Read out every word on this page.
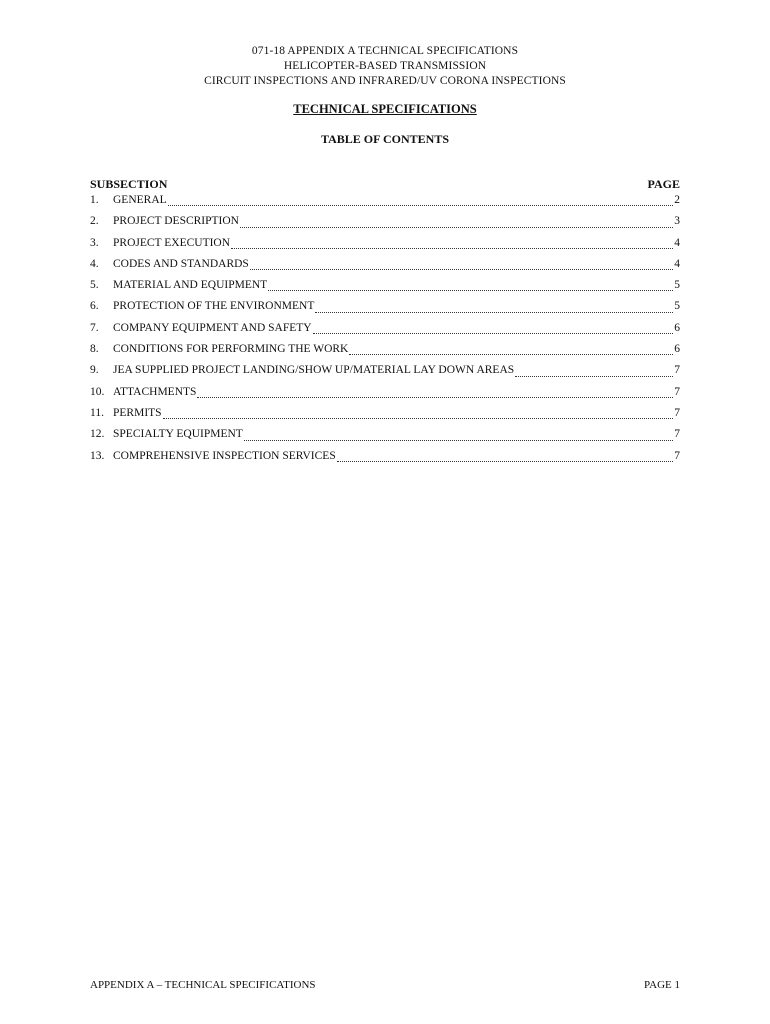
071-18 APPENDIX A TECHNICAL SPECIFICATIONS
HELICOPTER-BASED TRANSMISSION
CIRCUIT INSPECTIONS AND INFRARED/UV CORONA INSPECTIONS
TECHNICAL SPECIFICATIONS
TABLE OF CONTENTS
SUBSECTION	PAGE
1.	GENERAL	2
2.	PROJECT DESCRIPTION	3
3.	PROJECT EXECUTION	4
4.	CODES AND STANDARDS	4
5.	MATERIAL AND EQUIPMENT	5
6.	PROTECTION OF THE ENVIRONMENT	5
7.	COMPANY EQUIPMENT AND SAFETY	6
8.	CONDITIONS FOR PERFORMING THE WORK	6
9.	JEA SUPPLIED PROJECT LANDING/SHOW UP/MATERIAL LAY DOWN AREAS	7
10. ATTACHMENTS	7
11. PERMITS	7
12. SPECIALTY EQUIPMENT	7
13. COMPREHENSIVE INSPECTION SERVICES	7
APPENDIX A – TECHNICAL SPECIFICATIONS	PAGE 1
